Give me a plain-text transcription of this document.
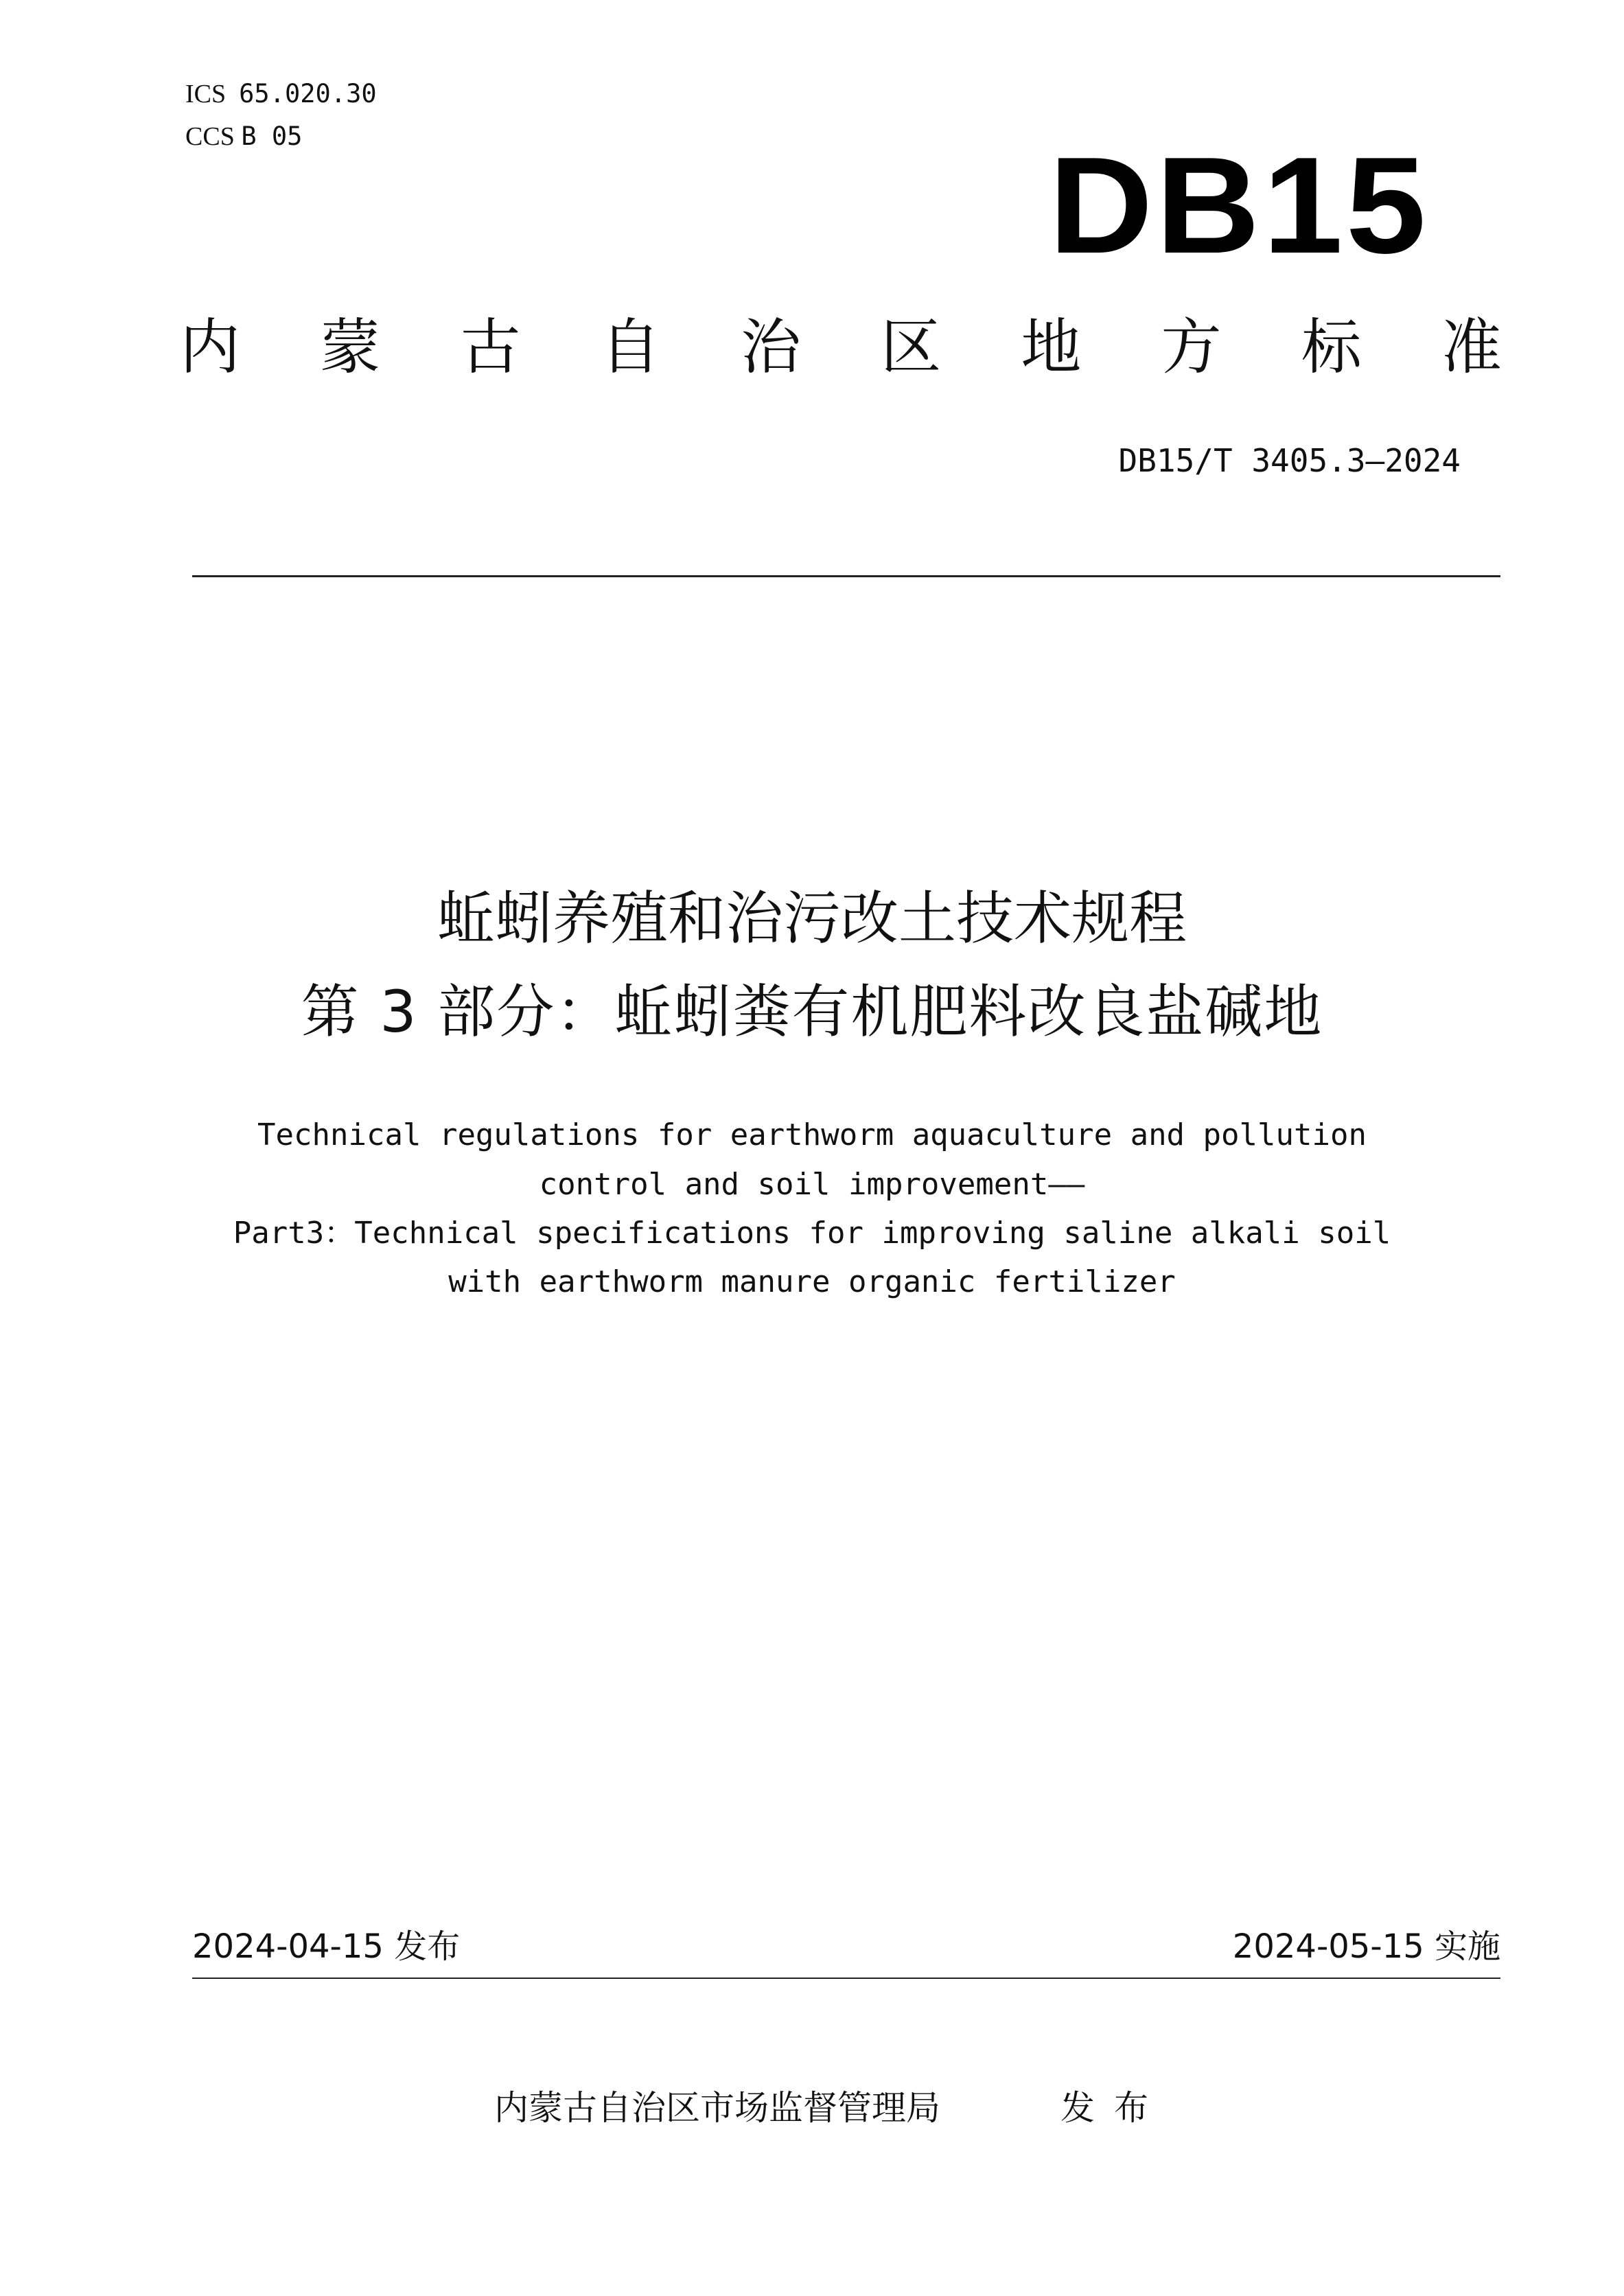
ICS 65.020.30
CCS B 05	DB15
内 蒙 古 自 治 区 地 方 标 准
DB15/T 3405.3—2024
蚯蚓养殖和治污改土技术规程
第 3 部分：蚯蚓粪有机肥料改良盐碱地
Technical regulations for earthworm aquaculture and pollution
control and soil improvement——
Part3：Technical specifications for improving saline alkali soil
with earthworm manure organic fertilizer
2024-04-15 发布	2024-05-15 实施
内蒙古自治区市场监督管理局	发布
